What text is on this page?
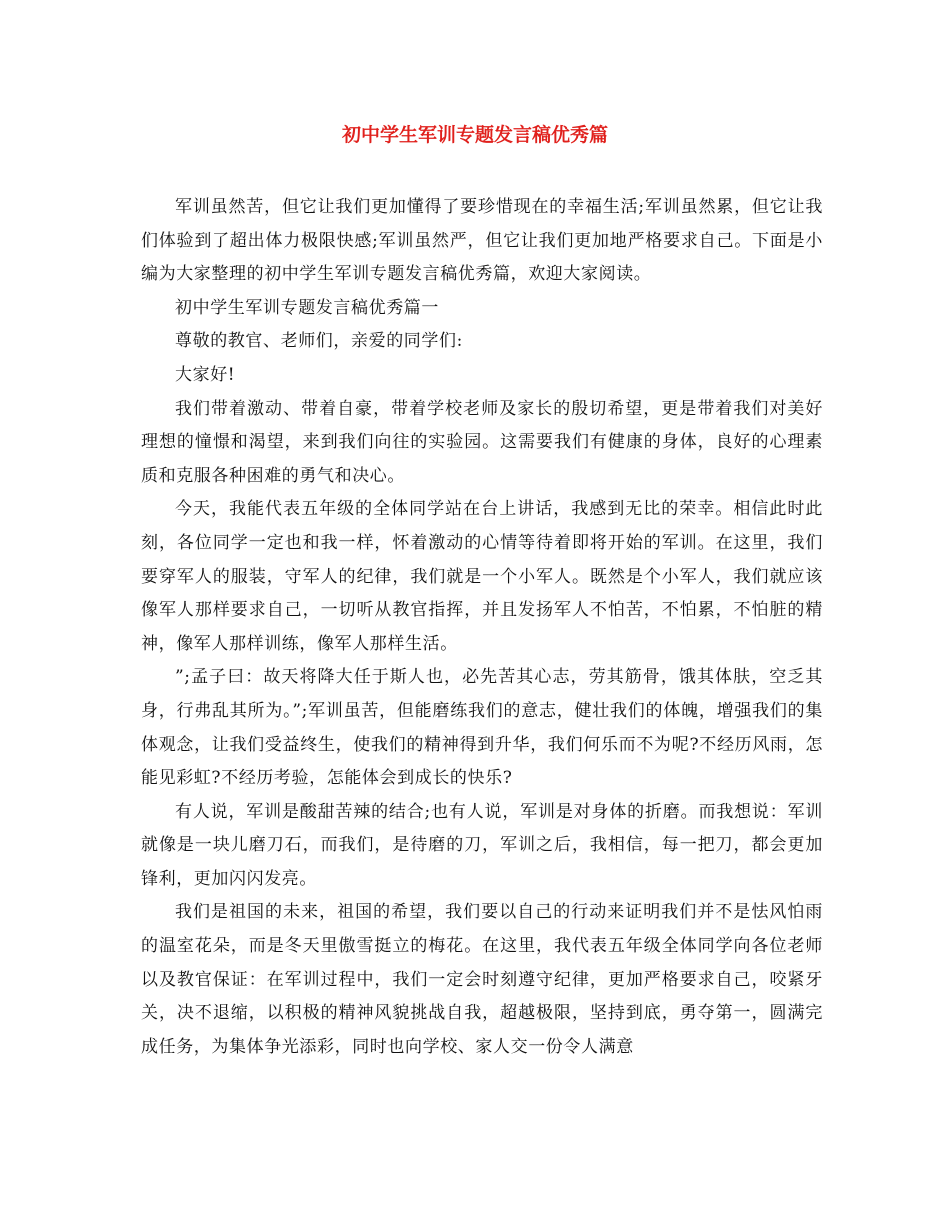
初中学生军训专题发言稿优秀篇

军训虽然苦，但它让我们更加懂得了要珍惜现在的幸福生活;军训虽然累，但它让我们体验到了超出体力极限快感;军训虽然严，但它让我们更加地严格要求自己。下面是小编为大家整理的初中学生军训专题发言稿优秀篇，欢迎大家阅读。

初中学生军训专题发言稿优秀篇一

尊敬的教官、老师们，亲爱的同学们:

大家好!

我们带着激动、带着自豪，带着学校老师及家长的殷切希望，更是带着我们对美好理想的憧憬和渴望，来到我们向往的实验园。这需要我们有健康的身体，良好的心理素质和克服各种困难的勇气和决心。

今天，我能代表五年级的全体同学站在台上讲话，我感到无比的荣幸。相信此时此刻，各位同学一定也和我一样，怀着激动的心情等待着即将开始的军训。在这里，我们要穿军人的服装，守军人的纪律，我们就是一个小军人。既然是个小军人，我们就应该像军人那样要求自己，一切听从教官指挥，并且发扬军人不怕苦，不怕累，不怕脏的精神，像军人那样训练，像军人那样生活。

”;孟子曰：故天将降大任于斯人也，必先苦其心志，劳其筋骨，饿其体肤，空乏其身，行弗乱其所为。”;军训虽苦，但能磨练我们的意志，健壮我们的体魄，增强我们的集体观念，让我们受益终生，使我们的精神得到升华，我们何乐而不为呢?不经历风雨，怎能见彩虹?不经历考验，怎能体会到成长的快乐?

有人说，军训是酸甜苦辣的结合;也有人说，军训是对身体的折磨。而我想说：军训就像是一块儿磨刀石，而我们，是待磨的刀，军训之后，我相信，每一把刀，都会更加锋利，更加闪闪发亮。

我们是祖国的未来，祖国的希望，我们要以自己的行动来证明我们并不是怯风怕雨的温室花朵，而是冬天里傲雪挺立的梅花。在这里，我代表五年级全体同学向各位老师以及教官保证：在军训过程中，我们一定会时刻遵守纪律，更加严格要求自己，咬紧牙关，决不退缩，以积极的精神风貌挑战自我，超越极限，坚持到底，勇夺第一，圆满完成任务，为集体争光添彩，同时也向学校、家人交一份令人满意
